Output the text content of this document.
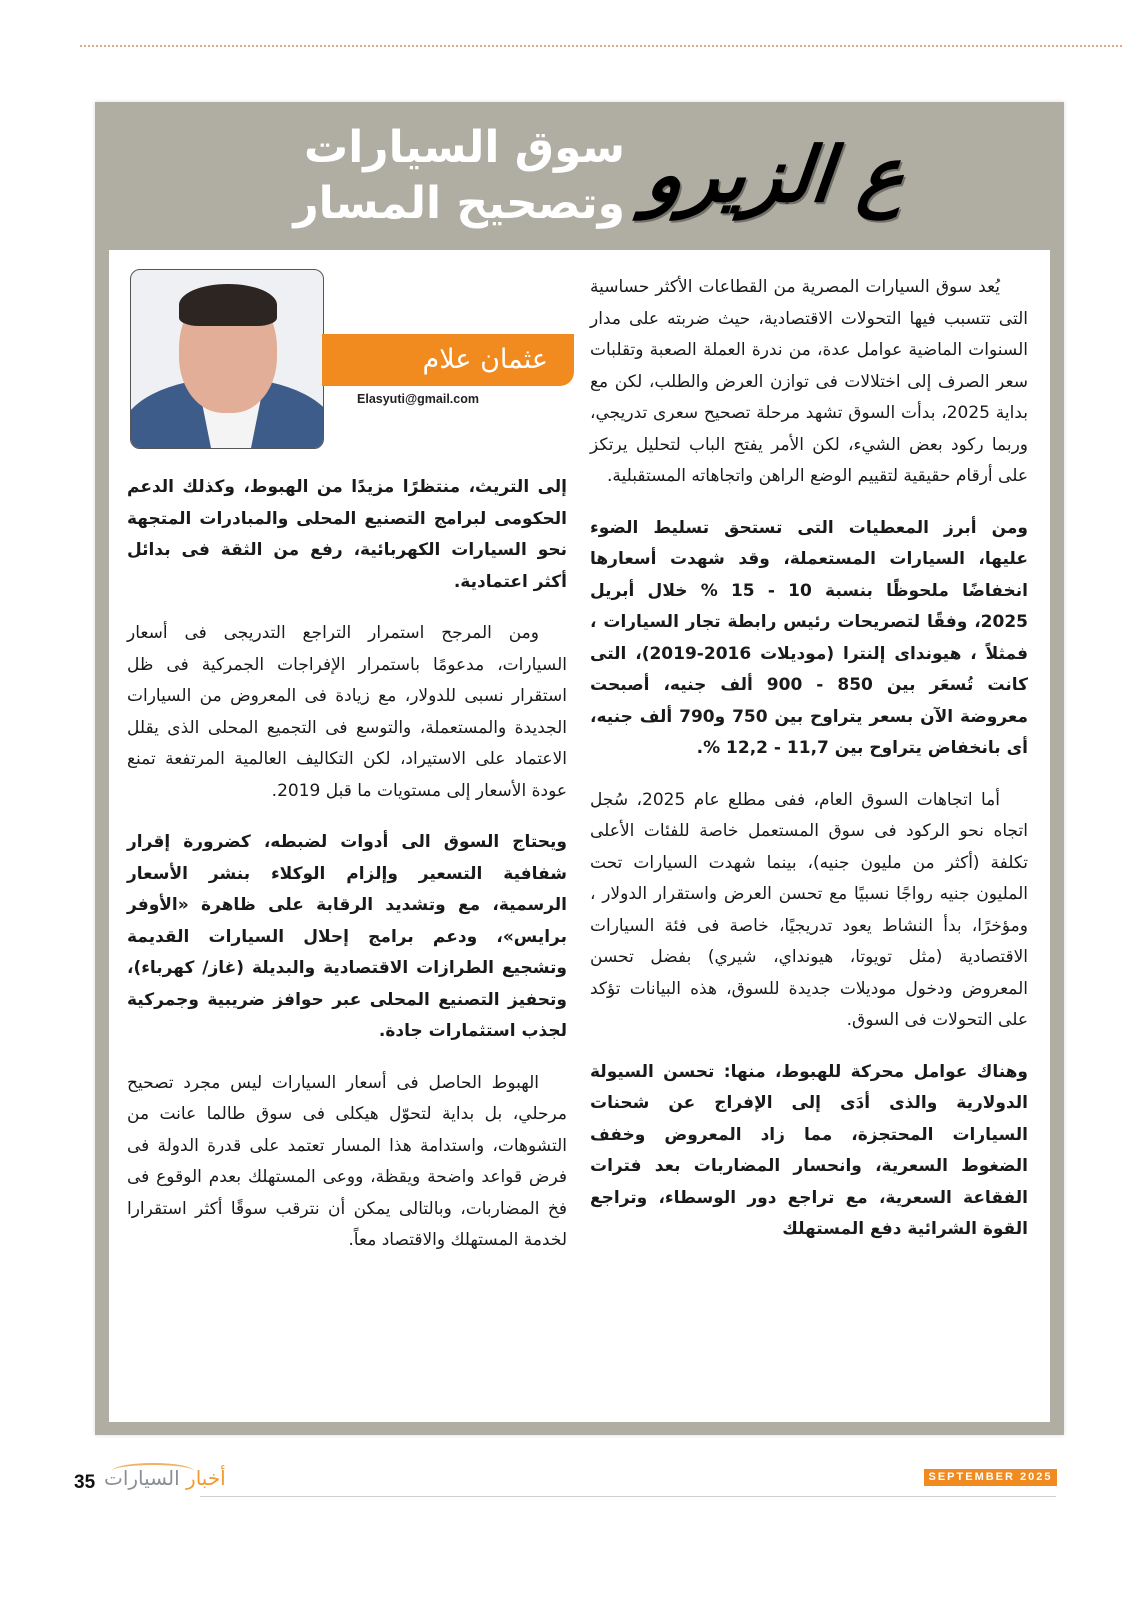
ع الزيرو
سوق السيارات
وتصحيح المسار
عثمان علام
Elasyuti@gmail.com

يُعد سوق السيارات المصرية من القطاعات الأكثر حساسية التى تتسبب فيها التحولات الاقتصادية، حيث ضربته على مدار السنوات الماضية عوامل عدة، من ندرة العملة الصعبة وتقلبات سعر الصرف إلى اختلالات فى توازن العرض والطلب، لكن مع بداية 2025، بدأت السوق تشهد مرحلة تصحيح سعرى تدريجي، وربما ركود بعض الشيء، لكن الأمر يفتح الباب لتحليل يرتكز على أرقام حقيقية لتقييم الوضع الراهن واتجاهاته المستقبلية.

ومن أبرز المعطيات التى تستحق تسليط الضوء عليها، السيارات المستعملة، وقد شهدت أسعارها انخفاضًا ملحوظًا بنسبة 10 - 15 % خلال أبريل 2025، وفقًا لتصريحات رئيس رابطة تجار السيارات ، فمثلاً ، هيونداى إلنترا (موديلات 2016-2019)، التى كانت تُسعَر بين 850 - 900 ألف جنيه، أصبحت معروضة الآن بسعر يتراوح بين 750 و790 ألف جنيه، أى بانخفاض يتراوح بين 11,7 - 12,2 %.

أما اتجاهات السوق العام، ففى مطلع عام 2025، سُجل اتجاه نحو الركود فى سوق المستعمل خاصة للفئات الأعلى تكلفة (أكثر من مليون جنيه)، بينما شهدت السيارات تحت المليون جنيه رواجًا نسبيًا مع تحسن العرض واستقرار الدولار ، ومؤخرًا، بدأ النشاط يعود تدريجيًا، خاصة فى فئة السيارات الاقتصادية (مثل تويوتا، هيونداي، شيري) بفضل تحسن المعروض ودخول موديلات جديدة للسوق، هذه البيانات تؤكد على التحولات فى السوق.

وهناك عوامل محركة للهبوط، منها: تحسن السيولة الدولارية والذى أدَى إلى الإفراج عن شحنات السيارات المحتجزة، مما زاد المعروض وخفف الضغوط السعرية، وانحسار المضاربات بعد فترات الفقاعة السعرية، مع تراجع دور الوسطاء، وتراجع القوة الشرائية دفع المستهلك

إلى التريث، منتظرًا مزيدًا من الهبوط، وكذلك الدعم الحكومى لبرامج التصنيع المحلى والمبادرات المتجهة نحو السيارات الكهربائية، رفع من الثقة فى بدائل أكثر اعتمادية.

ومن المرجح استمرار التراجع التدريجى فى أسعار السيارات، مدعومًا باستمرار الإفراجات الجمركية فى ظل استقرار نسبى للدولار، مع زيادة فى المعروض من السيارات الجديدة والمستعملة، والتوسع فى التجميع المحلى الذى يقلل الاعتماد على الاستيراد، لكن التكاليف العالمية المرتفعة تمنع عودة الأسعار إلى مستويات ما قبل 2019.

ويحتاج السوق الى أدوات لضبطه، كضرورة إقرار شفافية التسعير وإلزام الوكلاء بنشر الأسعار الرسمية، مع وتشديد الرقابة على ظاهرة «الأوفر برايس»، ودعم برامج إحلال السيارات القديمة وتشجيع الطرازات الاقتصادية والبديلة (غاز/ كهرباء)، وتحفيز التصنيع المحلى عبر حوافز ضريبية وجمركية لجذب استثمارات جادة.

الهبوط الحاصل فى أسعار السيارات ليس مجرد تصحيح مرحلي، بل بداية لتحوّل هيكلى فى سوق طالما عانت من التشوهات، واستدامة هذا المسار تعتمد على قدرة الدولة فى فرض قواعد واضحة ويقظة، ووعى المستهلك بعدم الوقوع فى فخ المضاربات، وبالتالى يمكن أن نترقب سوقًا أكثر استقرارا لخدمة المستهلك والاقتصاد معاً.

35	أخبار السيارات	SEPTEMBER 2025
